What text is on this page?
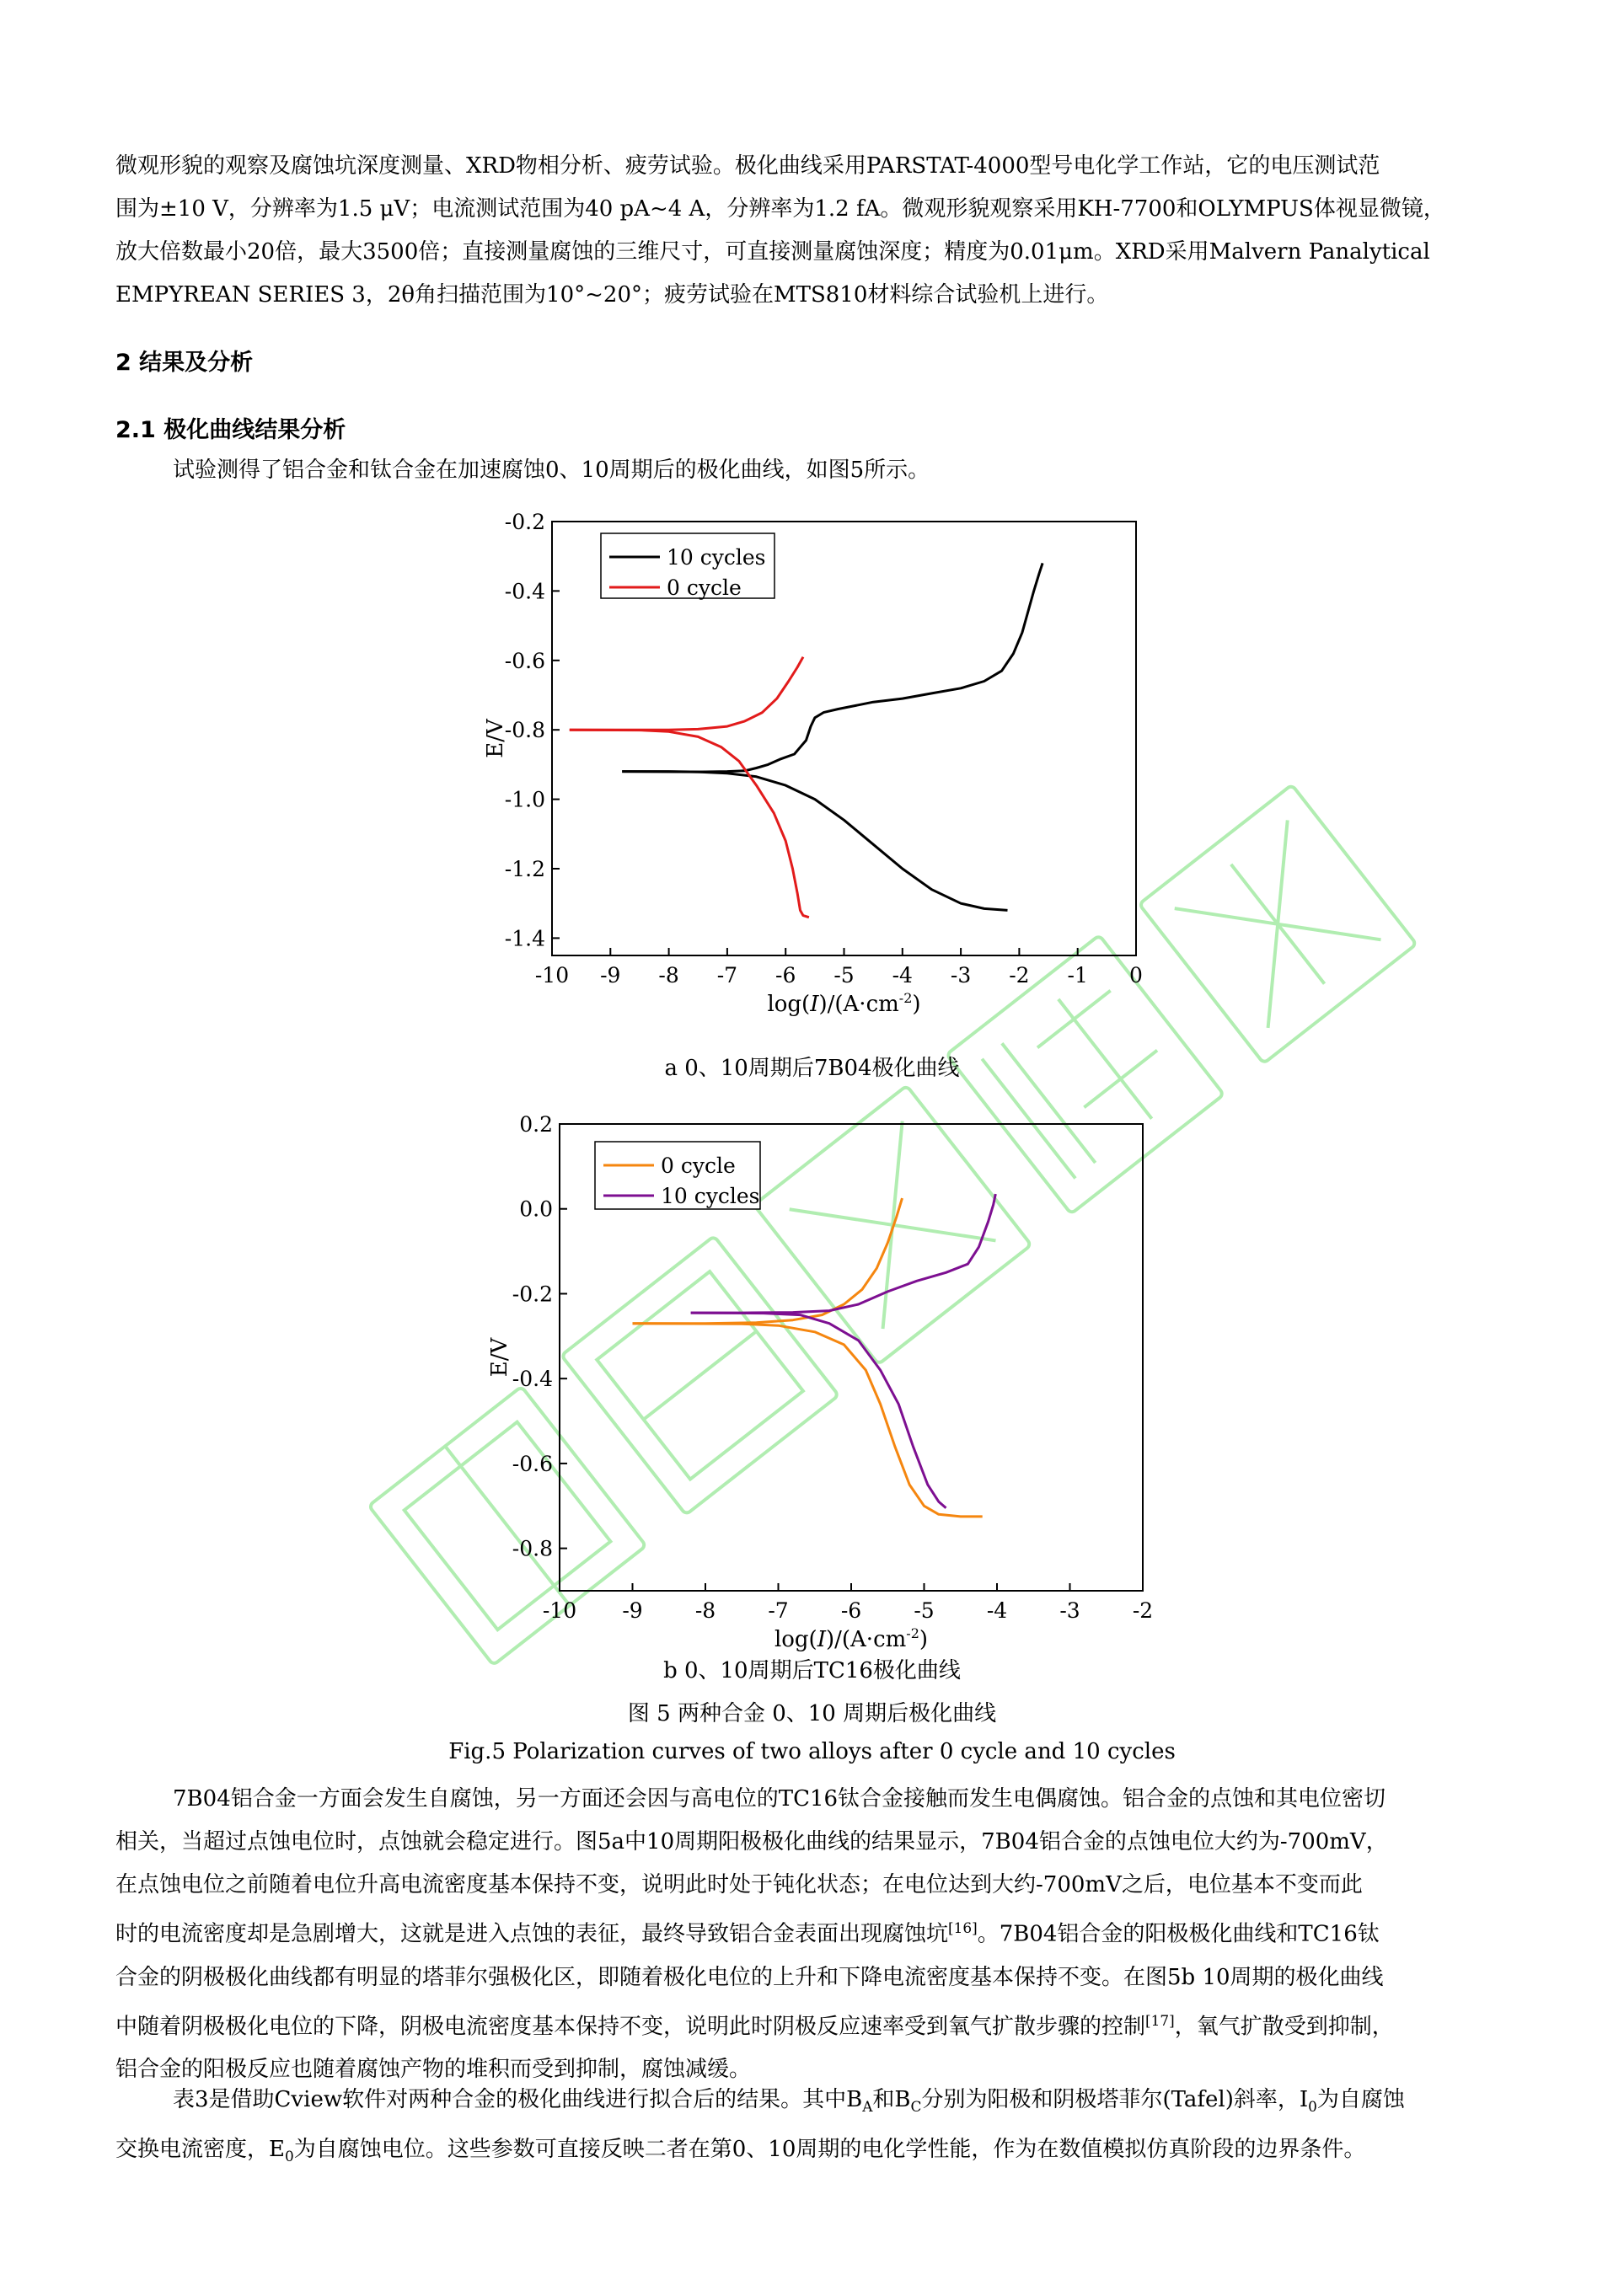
微观形貌的观察及腐蚀坑深度测量、XRD物相分析、疲劳试验。极化曲线采用PARSTAT-4000型号电化学工作站，它的电压测试范
围为±10 V，分辨率为1.5 μV；电流测试范围为40 pA~4 A，分辨率为1.2 fA。微观形貌观察采用KH-7700和OLYMPUS体视显微镜，
放大倍数最小20倍，最大3500倍；直接测量腐蚀的三维尺寸，可直接测量腐蚀深度；精度为0.01μm。XRD采用Malvern Panalytical
EMPYREAN SERIES 3，2θ角扫描范围为10°~20°；疲劳试验在MTS810材料综合试验机上进行。

2 结果及分析

2.1 极化曲线结果分析

试验测得了铝合金和钛合金在加速腐蚀0、10周期后的极化曲线，如图5所示。

-10 -9 -8 -7 -6 -5 -4 -3 -2 -1 0
-0.2
-0.4
-0.6
-0.8
-1.0
-1.2
-1.4
E/V
$\log(I)/(A\cdot cm^{-2})$
10 cycles
0 cycle

a 0、10周期后7B04极化曲线

-10 -9 -8 -7 -6 -5 -4 -3 -2
0.2
0.0
-0.2
-0.4
-0.6
-0.8
E/V
$\log(I)/(A\cdot cm^{-2})$
0 cycle
10 cycles

b 0、10周期后TC16极化曲线

图 5 两种合金 0、10 周期后极化曲线

Fig.5 Polarization curves of two alloys after 0 cycle and 10 cycles

7B04铝合金一方面会发生自腐蚀，另一方面还会因与高电位的TC16钛合金接触而发生电偶腐蚀。铝合金的点蚀和其电位密切
相关，当超过点蚀电位时，点蚀就会稳定进行。图5a中10周期阳极极化曲线的结果显示，7B04铝合金的点蚀电位大约为-700mV，
在点蚀电位之前随着电位升高电流密度基本保持不变，说明此时处于钝化状态；在电位达到大约-700mV之后，电位基本不变而此
时的电流密度却是急剧增大，这就是进入点蚀的表征，最终导致铝合金表面出现腐蚀坑[16]。7B04铝合金的阳极极化曲线和TC16钛
合金的阴极极化曲线都有明显的塔菲尔强极化区，即随着极化电位的上升和下降电流密度基本保持不变。在图5b 10周期的极化曲线
中随着阴极极化电位的下降，阴极电流密度基本保持不变，说明此时阴极反应速率受到氧气扩散步骤的控制[17]，氧气扩散受到抑制，
铝合金的阳极反应也随着腐蚀产物的堆积而受到抑制，腐蚀减缓。
表3是借助Cview软件对两种合金的极化曲线进行拟合后的结果。其中$B_A$和$B_C$分别为阳极和阴极塔菲尔(Tafel)斜率，$I_0$为自腐蚀
交换电流密度，$E_0$为自腐蚀电位。这些参数可直接反映二者在第0、10周期的电化学性能，作为在数值模拟仿真阶段的边界条件。
